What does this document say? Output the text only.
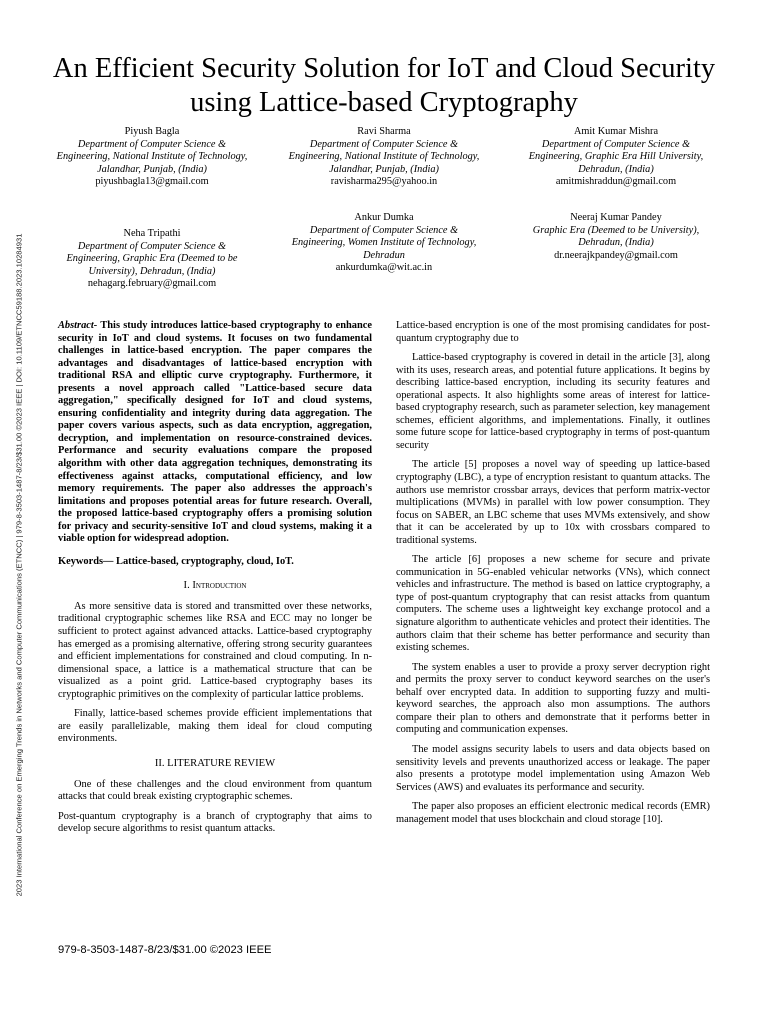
2023 International Conference on Emerging Trends in Networks and Computer Communications (ETNCC) | 979-8-3503-1487-8/23/$31.00 ©2023 IEEE | DOI: 10.1109/ETNCC59188.2023.10284931
An Efficient Security Solution for IoT and Cloud Security using Lattice-based Cryptography
Piyush Bagla
Department of Computer Science & Engineering, National Institute of Technology, Jalandhar, Punjab, (India)
piyushbagla13@gmail.com
Ravi Sharma
Department of Computer Science & Engineering, National Institute of Technology, Jalandhar, Punjab, (India)
ravisharma295@yahoo.in
Amit Kumar Mishra
Department of Computer Science & Engineering, Graphic Era Hill University, Dehradun, (India)
amitmishraddun@gmail.com
Neha Tripathi
Department of Computer Science & Engineering, Graphic Era (Deemed to be University), Dehradun, (India)
nehagarg.february@gmail.com
Ankur Dumka
Department of Computer Science & Engineering, Women Institute of Technology, Dehradun
ankurdumka@wit.ac.in
Neeraj Kumar Pandey
Graphic Era (Deemed to be University), Dehradun, (India)
dr.neerajkpandey@gmail.com

Abstract- This study introduces lattice-based cryptography to enhance security in IoT and cloud systems. It focuses on two fundamental challenges in lattice-based encryption. The paper compares the advantages and disadvantages of lattice-based encryption with traditional RSA and elliptic curve cryptography. Furthermore, it presents a novel approach called "Lattice-based secure data aggregation," specifically designed for IoT and cloud systems, ensuring confidentiality and integrity during data aggregation. The paper covers various aspects, such as data encryption, aggregation, decryption, and implementation on resource-constrained devices. Performance and security evaluations compare the proposed algorithm with other data aggregation techniques, demonstrating its effectiveness against attacks, computational efficiency, and low memory requirements. The paper also addresses the approach's limitations and proposes potential areas for future research. Overall, the proposed lattice-based cryptography offers a promising solution for privacy and security-sensitive IoT and cloud systems, making it a viable option for widespread adoption.

Keywords— Lattice-based, cryptography, cloud, IoT.

I. Introduction

As more sensitive data is stored and transmitted over these networks, traditional cryptographic schemes like RSA and ECC may no longer be sufficient to protect against advanced attacks. Lattice-based cryptography has emerged as a promising alternative, offering strong security guarantees and efficient implementations for constrained and cloud computing. In n-dimensional space, a lattice is a mathematical structure that can be visualized as a point grid. Lattice-based cryptography bases its cryptographic primitives on the complexity of particular lattice problems.

Finally, lattice-based schemes provide efficient implementations that are easily parallelizable, making them ideal for cloud computing environments.

II. LITERATURE REVIEW

One of these challenges and the cloud environment from quantum attacks that could break existing cryptographic schemes.

Post-quantum cryptography is a branch of cryptography that aims to develop secure algorithms to resist quantum attacks.

Lattice-based encryption is one of the most promising candidates for post-quantum cryptography due to

Lattice-based cryptography is covered in detail in the article [3], along with its uses, research areas, and potential future applications. It begins by describing lattice-based encryption, including its security features and operational aspects. It also highlights some areas of interest for lattice-based cryptography research, such as parameter selection, key management schemes, efficient algorithms, and implementations. Finally, it outlines some future scope for lattice-based cryptography in terms of post-quantum security

The article [5] proposes a novel way of speeding up lattice-based cryptography (LBC), a type of encryption resistant to quantum attacks. The authors use memristor crossbar arrays, devices that perform matrix-vector multiplications (MVMs) in parallel with low power consumption. They focus on SABER, an LBC scheme that uses MVMs extensively, and show that it can be accelerated by up to 10x with crossbars compared to traditional systems.

The article [6] proposes a new scheme for secure and private communication in 5G-enabled vehicular networks (VNs), which connect vehicles and infrastructure. The method is based on lattice cryptography, a type of post-quantum cryptography that can resist attacks from quantum computers. The scheme uses a lightweight key exchange protocol and a signature algorithm to authenticate vehicles and protect their identities. The authors claim that their scheme has better performance and security than existing schemes.

The system enables a user to provide a proxy server decryption right and permits the proxy server to conduct keyword searches on the user's behalf over encrypted data. In addition to supporting fuzzy and multi-keyword searches, the approach also mon assumptions. The authors compare their plan to others and demonstrate that it performs better in computing and communication expenses.

The model assigns security labels to users and data objects based on sensitivity levels and prevents unauthorized access or leakage. The paper also presents a prototype model implementation using Amazon Web Services (AWS) and evaluates its performance and security.

The paper also proposes an efficient electronic medical records (EMR) management model that uses blockchain and cloud storage [10].

979-8-3503-1487-8/23/$31.00 ©2023 IEEE
